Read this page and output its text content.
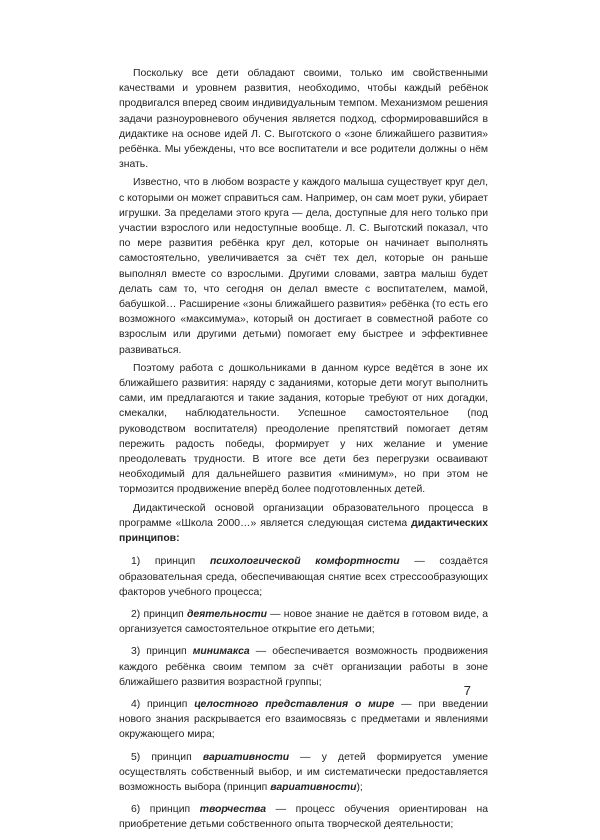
Поскольку все дети обладают своими, только им свойственными качествами и уровнем развития, необходимо, чтобы каждый ребёнок продвигался вперед своим индивидуальным темпом. Механизмом решения задачи разноуровневого обучения является подход, сформировавшийся в дидактике на основе идей Л. С. Выготского о «зоне ближайшего развития» ребёнка. Мы убеждены, что все воспитатели и все родители должны о нём знать.

Известно, что в любом возрасте у каждого малыша существует круг дел, с которыми он может справиться сам. Например, он сам моет руки, убирает игрушки. За пределами этого круга — дела, доступные для него только при участии взрослого или недоступные вообще. Л. С. Выготский показал, что по мере развития ребёнка круг дел, которые он начинает выполнять самостоятельно, увеличивается за счёт тех дел, которые он раньше выполнял вместе со взрослыми. Другими словами, завтра малыш будет делать сам то, что сегодня он делал вместе с воспитателем, мамой, бабушкой… Расширение «зоны ближайшего развития» ребёнка (то есть его возможного «максимума», который он достигает в совместной работе со взрослым или другими детьми) помогает ему быстрее и эффективнее развиваться.

Поэтому работа с дошкольниками в данном курсе ведётся в зоне их ближайшего развития: наряду с заданиями, которые дети могут выполнить сами, им предлагаются и такие задания, которые требуют от них догадки, смекалки, наблюдательности. Успешное самостоятельное (под руководством воспитателя) преодоление препятствий помогает детям пережить радость победы, формирует у них желание и умение преодолевать трудности. В итоге все дети без перегрузки осваивают необходимый для дальнейшего развития «минимум», но при этом не тормозится продвижение вперёд более подготовленных детей.

Дидактической основой организации образовательного процесса в программе «Школа 2000…» является следующая система дидактических принципов:

1) принцип психологической комфортности — создаётся образовательная среда, обеспечивающая снятие всех стрессообразующих факторов учебного процесса;

2) принцип деятельности — новое знание не даётся в готовом виде, а организуется самостоятельное открытие его детьми;

3) принцип минимакса — обеспечивается возможность продвижения каждого ребёнка своим темпом за счёт организации работы в зоне ближайшего развития возрастной группы;

4) принцип целостного представления о мире — при введении нового знания раскрывается его взаимосвязь с предметами и явлениями окружающего мира;

5) принцип вариативности — у детей формируется умение осуществлять собственный выбор, и им систематически предоставляется возможность выбора (принцип вариативности);

6) принцип творчества — процесс обучения ориентирован на приобретение детьми собственного опыта творческой деятельности;

7
